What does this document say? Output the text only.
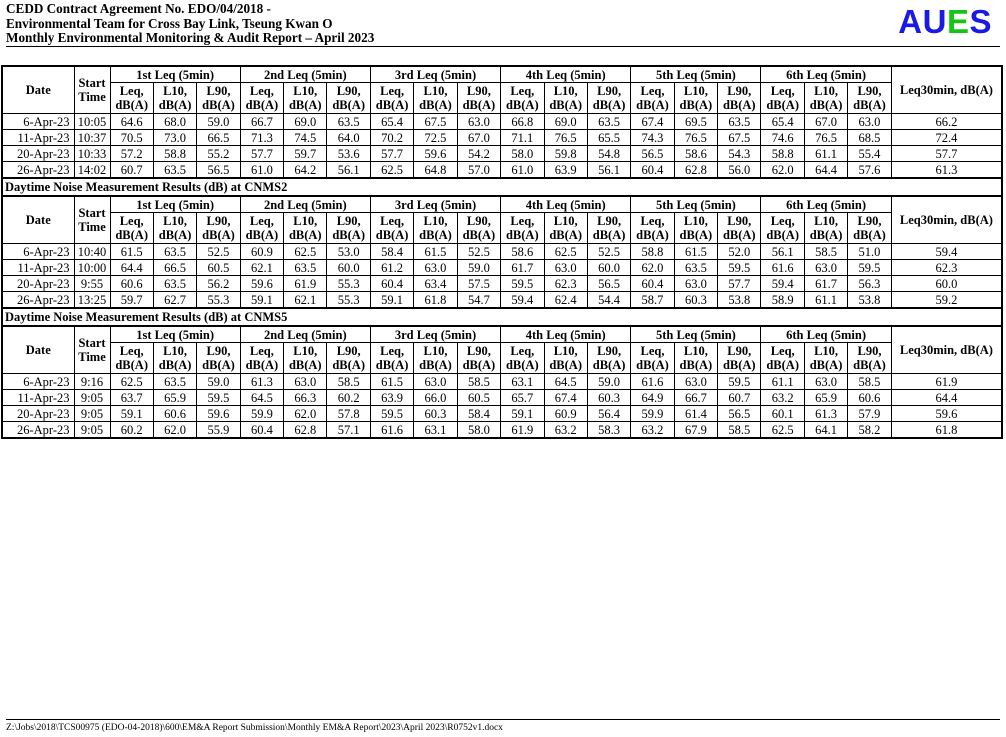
CEDD Contract Agreement No. EDO/04/2018 -
Environmental Team for Cross Bay Link, Tseung Kwan O
Monthly Environmental Monitoring & Audit Report – April 2023	AUES
Date	Start Time	1st Leq (5min)			2nd Leq (5min)			3rd Leq (5min)			4th Leq (5min)			5th Leq (5min)			6th Leq (5min)			Leq30min, dB(A)
		Leq, dB(A)	L10, dB(A)	L90, dB(A)	Leq, dB(A)	L10, dB(A)	L90, dB(A)	Leq, dB(A)	L10, dB(A)	L90, dB(A)	Leq, dB(A)	L10, dB(A)	L90, dB(A)	Leq, dB(A)	L10, dB(A)	L90, dB(A)	Leq, dB(A)	L10, dB(A)	L90, dB(A)	
6-Apr-23	10:05	64.6	68.0	59.0	66.7	69.0	63.5	65.4	67.5	63.0	66.8	69.0	63.5	67.4	69.5	63.5	65.4	67.0	63.0	66.2
11-Apr-23	10:37	70.5	73.0	66.5	71.3	74.5	64.0	70.2	72.5	67.0	71.1	76.5	65.5	74.3	76.5	67.5	74.6	76.5	68.5	72.4
20-Apr-23	10:33	57.2	58.8	55.2	57.7	59.7	53.6	57.7	59.6	54.2	58.0	59.8	54.8	56.5	58.6	54.3	58.8	61.1	55.4	57.7
26-Apr-23	14:02	60.7	63.5	56.5	61.0	64.2	56.1	62.5	64.8	57.0	61.0	63.9	56.1	60.4	62.8	56.0	62.0	64.4	57.6	61.3
Daytime Noise Measurement Results (dB) at CNMS2																				
Date	Start Time	1st Leq (5min)			2nd Leq (5min)			3rd Leq (5min)			4th Leq (5min)			5th Leq (5min)			6th Leq (5min)			Leq30min, dB(A)
		Leq, dB(A)	L10, dB(A)	L90, dB(A)	Leq, dB(A)	L10, dB(A)	L90, dB(A)	Leq, dB(A)	L10, dB(A)	L90, dB(A)	Leq, dB(A)	L10, dB(A)	L90, dB(A)	Leq, dB(A)	L10, dB(A)	L90, dB(A)	Leq, dB(A)	L10, dB(A)	L90, dB(A)	
6-Apr-23	10:40	61.5	63.5	52.5	60.9	62.5	53.0	58.4	61.5	52.5	58.6	62.5	52.5	58.8	61.5	52.0	56.1	58.5	51.0	59.4
11-Apr-23	10:00	64.4	66.5	60.5	62.1	63.5	60.0	61.2	63.0	59.0	61.7	63.0	60.0	62.0	63.5	59.5	61.6	63.0	59.5	62.3
20-Apr-23	9:55	60.6	63.5	56.2	59.6	61.9	55.3	60.4	63.4	57.5	59.5	62.3	56.5	60.4	63.0	57.7	59.4	61.7	56.3	60.0
26-Apr-23	13:25	59.7	62.7	55.3	59.1	62.1	55.3	59.1	61.8	54.7	59.4	62.4	54.4	58.7	60.3	53.8	58.9	61.1	53.8	59.2
Daytime Noise Measurement Results (dB) at CNMS5																				
Date	Start Time	1st Leq (5min)			2nd Leq (5min)			3rd Leq (5min)			4th Leq (5min)			5th Leq (5min)			6th Leq (5min)			Leq30min, dB(A)
		Leq, dB(A)	L10, dB(A)	L90, dB(A)	Leq, dB(A)	L10, dB(A)	L90, dB(A)	Leq, dB(A)	L10, dB(A)	L90, dB(A)	Leq, dB(A)	L10, dB(A)	L90, dB(A)	Leq, dB(A)	L10, dB(A)	L90, dB(A)	Leq, dB(A)	L10, dB(A)	L90, dB(A)	
6-Apr-23	9:16	62.5	63.5	59.0	61.3	63.0	58.5	61.5	63.0	58.5	63.1	64.5	59.0	61.6	63.0	59.5	61.1	63.0	58.5	61.9
11-Apr-23	9:05	63.7	65.9	59.5	64.5	66.3	60.2	63.9	66.0	60.5	65.7	67.4	60.3	64.9	66.7	60.7	63.2	65.9	60.6	64.4
20-Apr-23	9:05	59.1	60.6	59.6	59.9	62.0	57.8	59.5	60.3	58.4	59.1	60.9	56.4	59.9	61.4	56.5	60.1	61.3	57.9	59.6
26-Apr-23	9:05	60.2	62.0	55.9	60.4	62.8	57.1	61.6	63.1	58.0	61.9	63.2	58.3	63.2	67.9	58.5	62.5	64.1	58.2	61.8
Z:\Jobs\2018\TCS00975 (EDO-04-2018)\600\EM&A Report Submission\Monthly EM&A Report\2023\April 2023\R0752v1.docx
